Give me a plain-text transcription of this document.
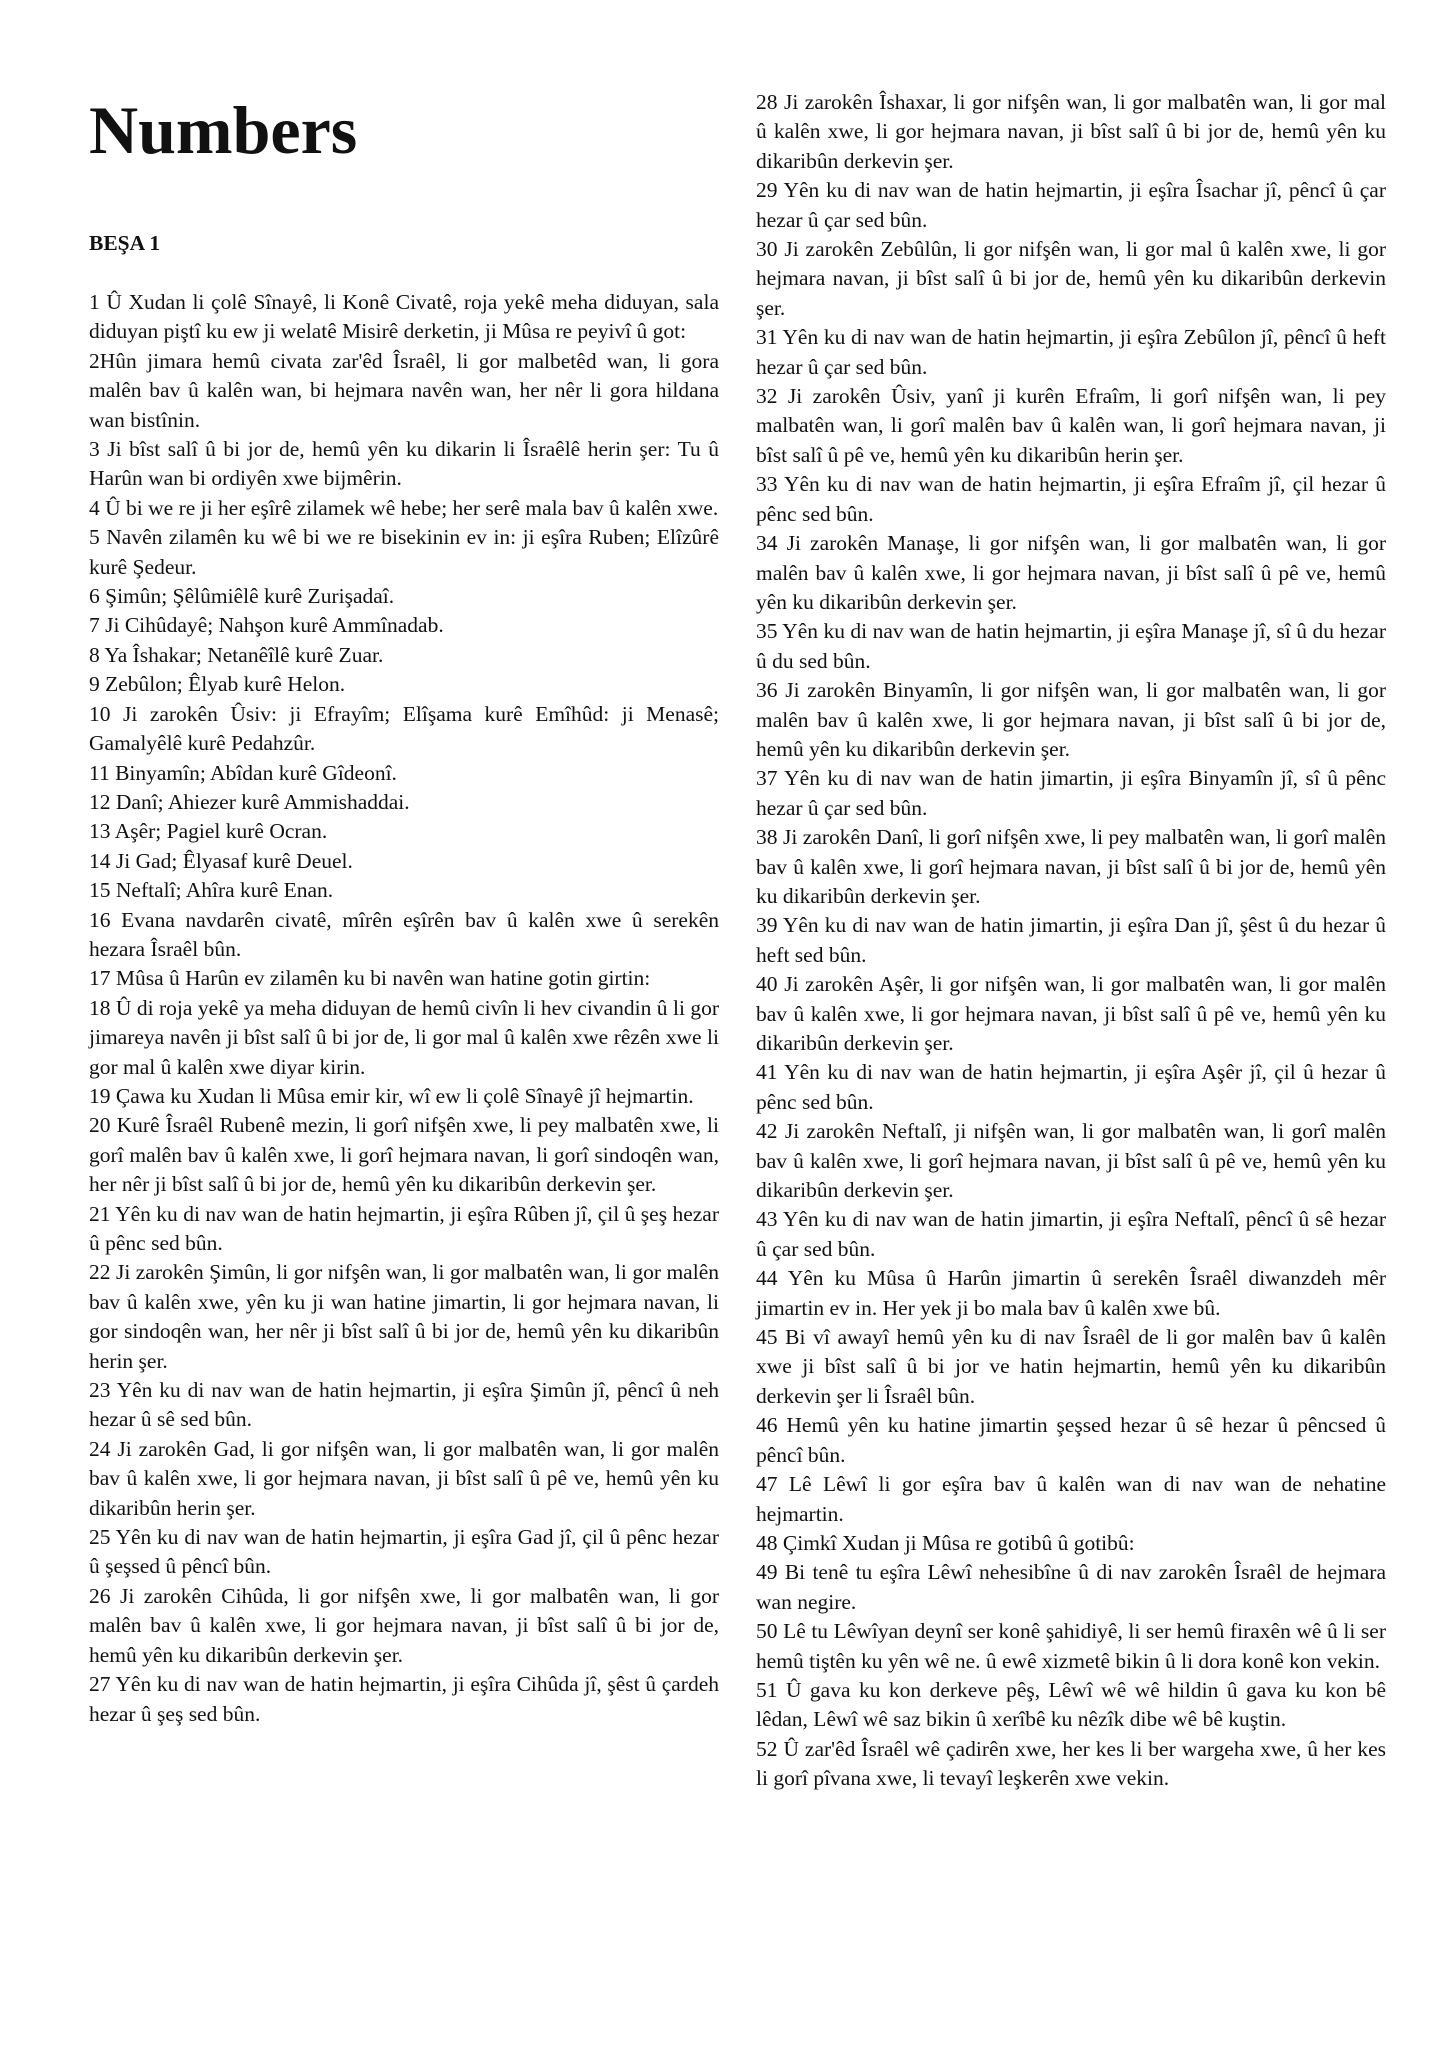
Numbers
BEŞA 1

1 Û Xudan li çolê Sînayê, li Konê Civatê, roja yekê meha diduyan, sala diduyan piştî ku ew ji welatê Misirê derketin, ji Mûsa re peyivî û got:

2Hûn jimara hemû civata zar'êd Îsraêl, li gor malbetêd wan, li gora malên bav û kalên wan, bi hejmara navên wan, her nêr li gora hildana wan bistînin.

3 Ji bîst salî û bi jor de, hemû yên ku dikarin li Îsraêlê herin şer: Tu û Harûn wan bi ordiyên xwe bijmêrin.

4 Û bi we re ji her eşîrê zilamek wê hebe; her serê mala bav û kalên xwe.

5 Navên zilamên ku wê bi we re bisekinin ev in: ji eşîra Ruben; Elîzûrê kurê Şedeur.

6 Şimûn; Şêlûmiêlê kurê Zurişadaî.

7 Ji Cihûdayê; Nahşon kurê Ammînadab.

8 Ya Îshakar; Netanêîlê kurê Zuar.

9 Zebûlon; Êlyab kurê Helon.

10 Ji zarokên Ûsiv: ji Efrayîm; Elîşama kurê Emîhûd: ji Menasê; Gamalyêlê kurê Pedahzûr.

11 Binyamîn; Abîdan kurê Gîdeonî.

12 Danî; Ahiezer kurê Ammishaddai.

13 Aşêr; Pagiel kurê Ocran.

14 Ji Gad; Êlyasaf kurê Deuel.

15 Neftalî; Ahîra kurê Enan.

16 Evana navdarên civatê, mîrên eşîrên bav û kalên xwe û serekên hezara Îsraêl bûn.

17 Mûsa û Harûn ev zilamên ku bi navên wan hatine gotin girtin:

18 Û di roja yekê ya meha diduyan de hemû civîn li hev civandin û li gor jimareya navên ji bîst salî û bi jor de, li gor mal û kalên xwe rêzên xwe li gor mal û kalên xwe diyar kirin.

19 Çawa ku Xudan li Mûsa emir kir, wî ew li çolê Sînayê jî hejmartin.

20 Kurê Îsraêl Rubenê mezin, li gorî nifşên xwe, li pey malbatên xwe, li gorî malên bav û kalên xwe, li gorî hejmara navan, li gorî sindoqên wan, her nêr ji bîst salî û bi jor de, hemû yên ku dikaribûn derkevin şer.

21 Yên ku di nav wan de hatin hejmartin, ji eşîra Rûben jî, çil û şeş hezar û pênc sed bûn.

22 Ji zarokên Şimûn, li gor nifşên wan, li gor malbatên wan, li gor malên bav û kalên xwe, yên ku ji wan hatine jimartin, li gor hejmara navan, li gor sindoqên wan, her nêr ji bîst salî û bi jor de, hemû yên ku dikaribûn herin şer.

23 Yên ku di nav wan de hatin hejmartin, ji eşîra Şimûn jî, pêncî û neh hezar û sê sed bûn.

24 Ji zarokên Gad, li gor nifşên wan, li gor malbatên wan, li gor malên bav û kalên xwe, li gor hejmara navan, ji bîst salî û pê ve, hemû yên ku dikaribûn herin şer.

25 Yên ku di nav wan de hatin hejmartin, ji eşîra Gad jî, çil û pênc hezar û şeşsed û pêncî bûn.

26 Ji zarokên Cihûda, li gor nifşên xwe, li gor malbatên wan, li gor malên bav û kalên xwe, li gor hejmara navan, ji bîst salî û bi jor de, hemû yên ku dikaribûn derkevin şer.

27 Yên ku di nav wan de hatin hejmartin, ji eşîra Cihûda jî, şêst û çardeh hezar û şeş sed bûn.

28 Ji zarokên Îshaxar, li gor nifşên wan, li gor malbatên wan, li gor mal û kalên xwe, li gor hejmara navan, ji bîst salî û bi jor de, hemû yên ku dikaribûn derkevin şer.

29 Yên ku di nav wan de hatin hejmartin, ji eşîra Îsachar jî, pêncî û çar hezar û çar sed bûn.

30 Ji zarokên Zebûlûn, li gor nifşên wan, li gor mal û kalên xwe, li gor hejmara navan, ji bîst salî û bi jor de, hemû yên ku dikaribûn derkevin şer.

31 Yên ku di nav wan de hatin hejmartin, ji eşîra Zebûlon jî, pêncî û heft hezar û çar sed bûn.

32 Ji zarokên Ûsiv, yanî ji kurên Efraîm, li gorî nifşên wan, li pey malbatên wan, li gorî malên bav û kalên wan, li gorî hejmara navan, ji bîst salî û pê ve, hemû yên ku dikaribûn herin şer.

33 Yên ku di nav wan de hatin hejmartin, ji eşîra Efraîm jî, çil hezar û pênc sed bûn.

34 Ji zarokên Manaşe, li gor nifşên wan, li gor malbatên wan, li gor malên bav û kalên xwe, li gor hejmara navan, ji bîst salî û pê ve, hemû yên ku dikaribûn derkevin şer.

35 Yên ku di nav wan de hatin hejmartin, ji eşîra Manaşe jî, sî û du hezar û du sed bûn.

36 Ji zarokên Binyamîn, li gor nifşên wan, li gor malbatên wan, li gor malên bav û kalên xwe, li gor hejmara navan, ji bîst salî û bi jor de, hemû yên ku dikaribûn derkevin şer.

37 Yên ku di nav wan de hatin jimartin, ji eşîra Binyamîn jî, sî û pênc hezar û çar sed bûn.

38 Ji zarokên Danî, li gorî nifşên xwe, li pey malbatên wan, li gorî malên bav û kalên xwe, li gorî hejmara navan, ji bîst salî û bi jor de, hemû yên ku dikaribûn derkevin şer.

39 Yên ku di nav wan de hatin jimartin, ji eşîra Dan jî, şêst û du hezar û heft sed bûn.

40 Ji zarokên Aşêr, li gor nifşên wan, li gor malbatên wan, li gor malên bav û kalên xwe, li gor hejmara navan, ji bîst salî û pê ve, hemû yên ku dikaribûn derkevin şer.

41 Yên ku di nav wan de hatin hejmartin, ji eşîra Aşêr jî, çil û hezar û pênc sed bûn.

42 Ji zarokên Neftalî, ji nifşên wan, li gor malbatên wan, li gorî malên bav û kalên xwe, li gorî hejmara navan, ji bîst salî û pê ve, hemû yên ku dikaribûn derkevin şer.

43 Yên ku di nav wan de hatin jimartin, ji eşîra Neftalî, pêncî û sê hezar û çar sed bûn.

44 Yên ku Mûsa û Harûn jimartin û serekên Îsraêl diwanzdeh mêr jimartin ev in. Her yek ji bo mala bav û kalên xwe bû.

45 Bi vî awayî hemû yên ku di nav Îsraêl de li gor malên bav û kalên xwe ji bîst salî û bi jor ve hatin hejmartin, hemû yên ku dikaribûn derkevin şer li Îsraêl bûn.

46 Hemû yên ku hatine jimartin şeşsed hezar û sê hezar û pêncsed û pêncî bûn.

47 Lê Lêwî li gor eşîra bav û kalên wan di nav wan de nehatine hejmartin.

48 Çimkî Xudan ji Mûsa re gotibû û gotibû:

49 Bi tenê tu eşîra Lêwî nehesibîne û di nav zarokên Îsraêl de hejmara wan negire.

50 Lê tu Lêwîyan deynî ser konê şahidiyê, li ser hemû firaxên wê û li ser hemû tiştên ku yên wê ne. û ewê xizmetê bikin û li dora konê kon vekin.

51 Û gava ku kon derkeve pêş, Lêwî wê wê hildin û gava ku kon bê lêdan, Lêwî wê saz bikin û xerîbê ku nêzîk dibe wê bê kuştin.

52 Û zar'êd Îsraêl wê çadirên xwe, her kes li ber wargeha xwe, û her kes li gorî pîvana xwe, li tevayî leşkerên xwe vekin.
